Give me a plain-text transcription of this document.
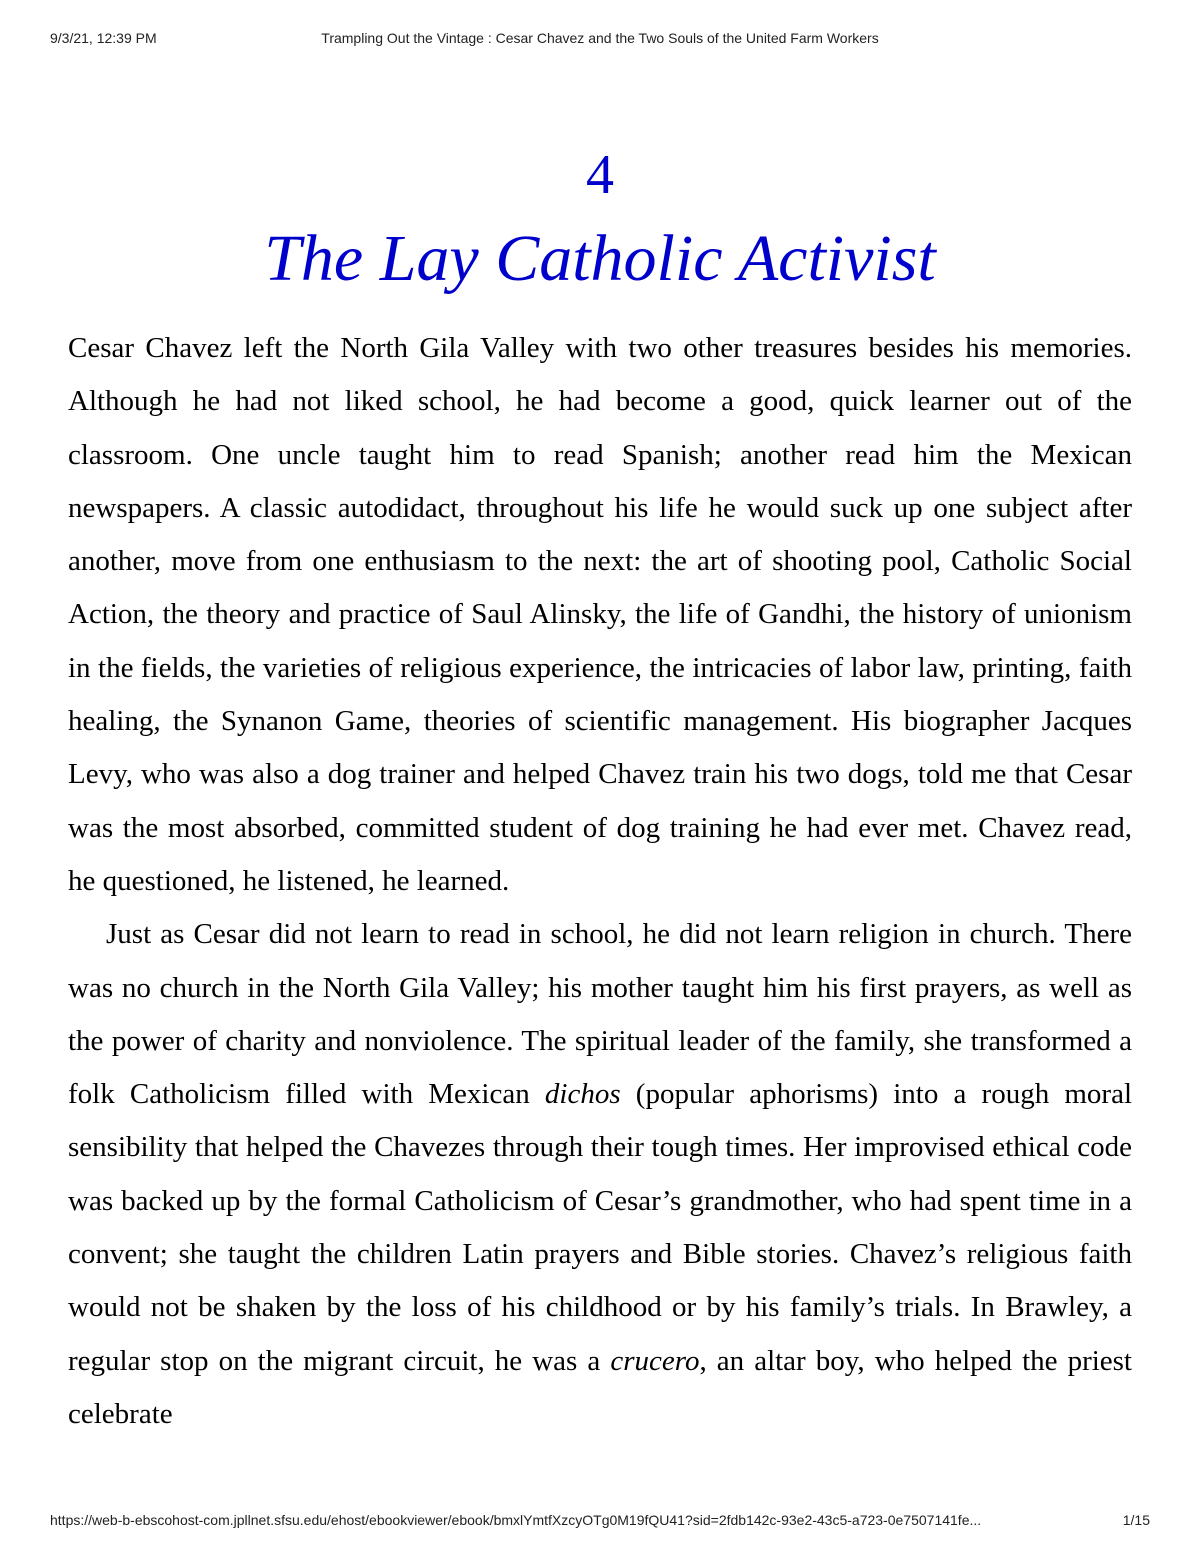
9/3/21, 12:39 PM	Trampling Out the Vintage : Cesar Chavez and the Two Souls of the United Farm Workers
4
The Lay Catholic Activist

Cesar Chavez left the North Gila Valley with two other treasures besides his memories. Although he had not liked school, he had become a good, quick learner out of the classroom. One uncle taught him to read Spanish; another read him the Mexican newspapers. A classic autodidact, throughout his life he would suck up one subject after another, move from one enthusiasm to the next: the art of shooting pool, Catholic Social Action, the theory and practice of Saul Alinsky, the life of Gandhi, the history of unionism in the fields, the varieties of religious experience, the intricacies of labor law, printing, faith healing, the Synanon Game, theories of scientific management. His biographer Jacques Levy, who was also a dog trainer and helped Chavez train his two dogs, told me that Cesar was the most absorbed, committed student of dog training he had ever met. Chavez read, he questioned, he listened, he learned.

Just as Cesar did not learn to read in school, he did not learn religion in church. There was no church in the North Gila Valley; his mother taught him his first prayers, as well as the power of charity and nonviolence. The spiritual leader of the family, she transformed a folk Catholicism filled with Mexican dichos (popular aphorisms) into a rough moral sensibility that helped the Chavezes through their tough times. Her improvised ethical code was backed up by the formal Catholicism of Cesar’s grandmother, who had spent time in a convent; she taught the children Latin prayers and Bible stories. Chavez’s religious faith would not be shaken by the loss of his childhood or by his family’s trials. In Brawley, a regular stop on the migrant circuit, he was a crucero, an altar boy, who helped the priest celebrate

https://web-b-ebscohost-com.jpllnet.sfsu.edu/ehost/ebookviewer/ebook/bmxlYmtfXzcyOTg0M19fQU41?sid=2fdb142c-93e2-43c5-a723-0e7507141fe...	1/15
